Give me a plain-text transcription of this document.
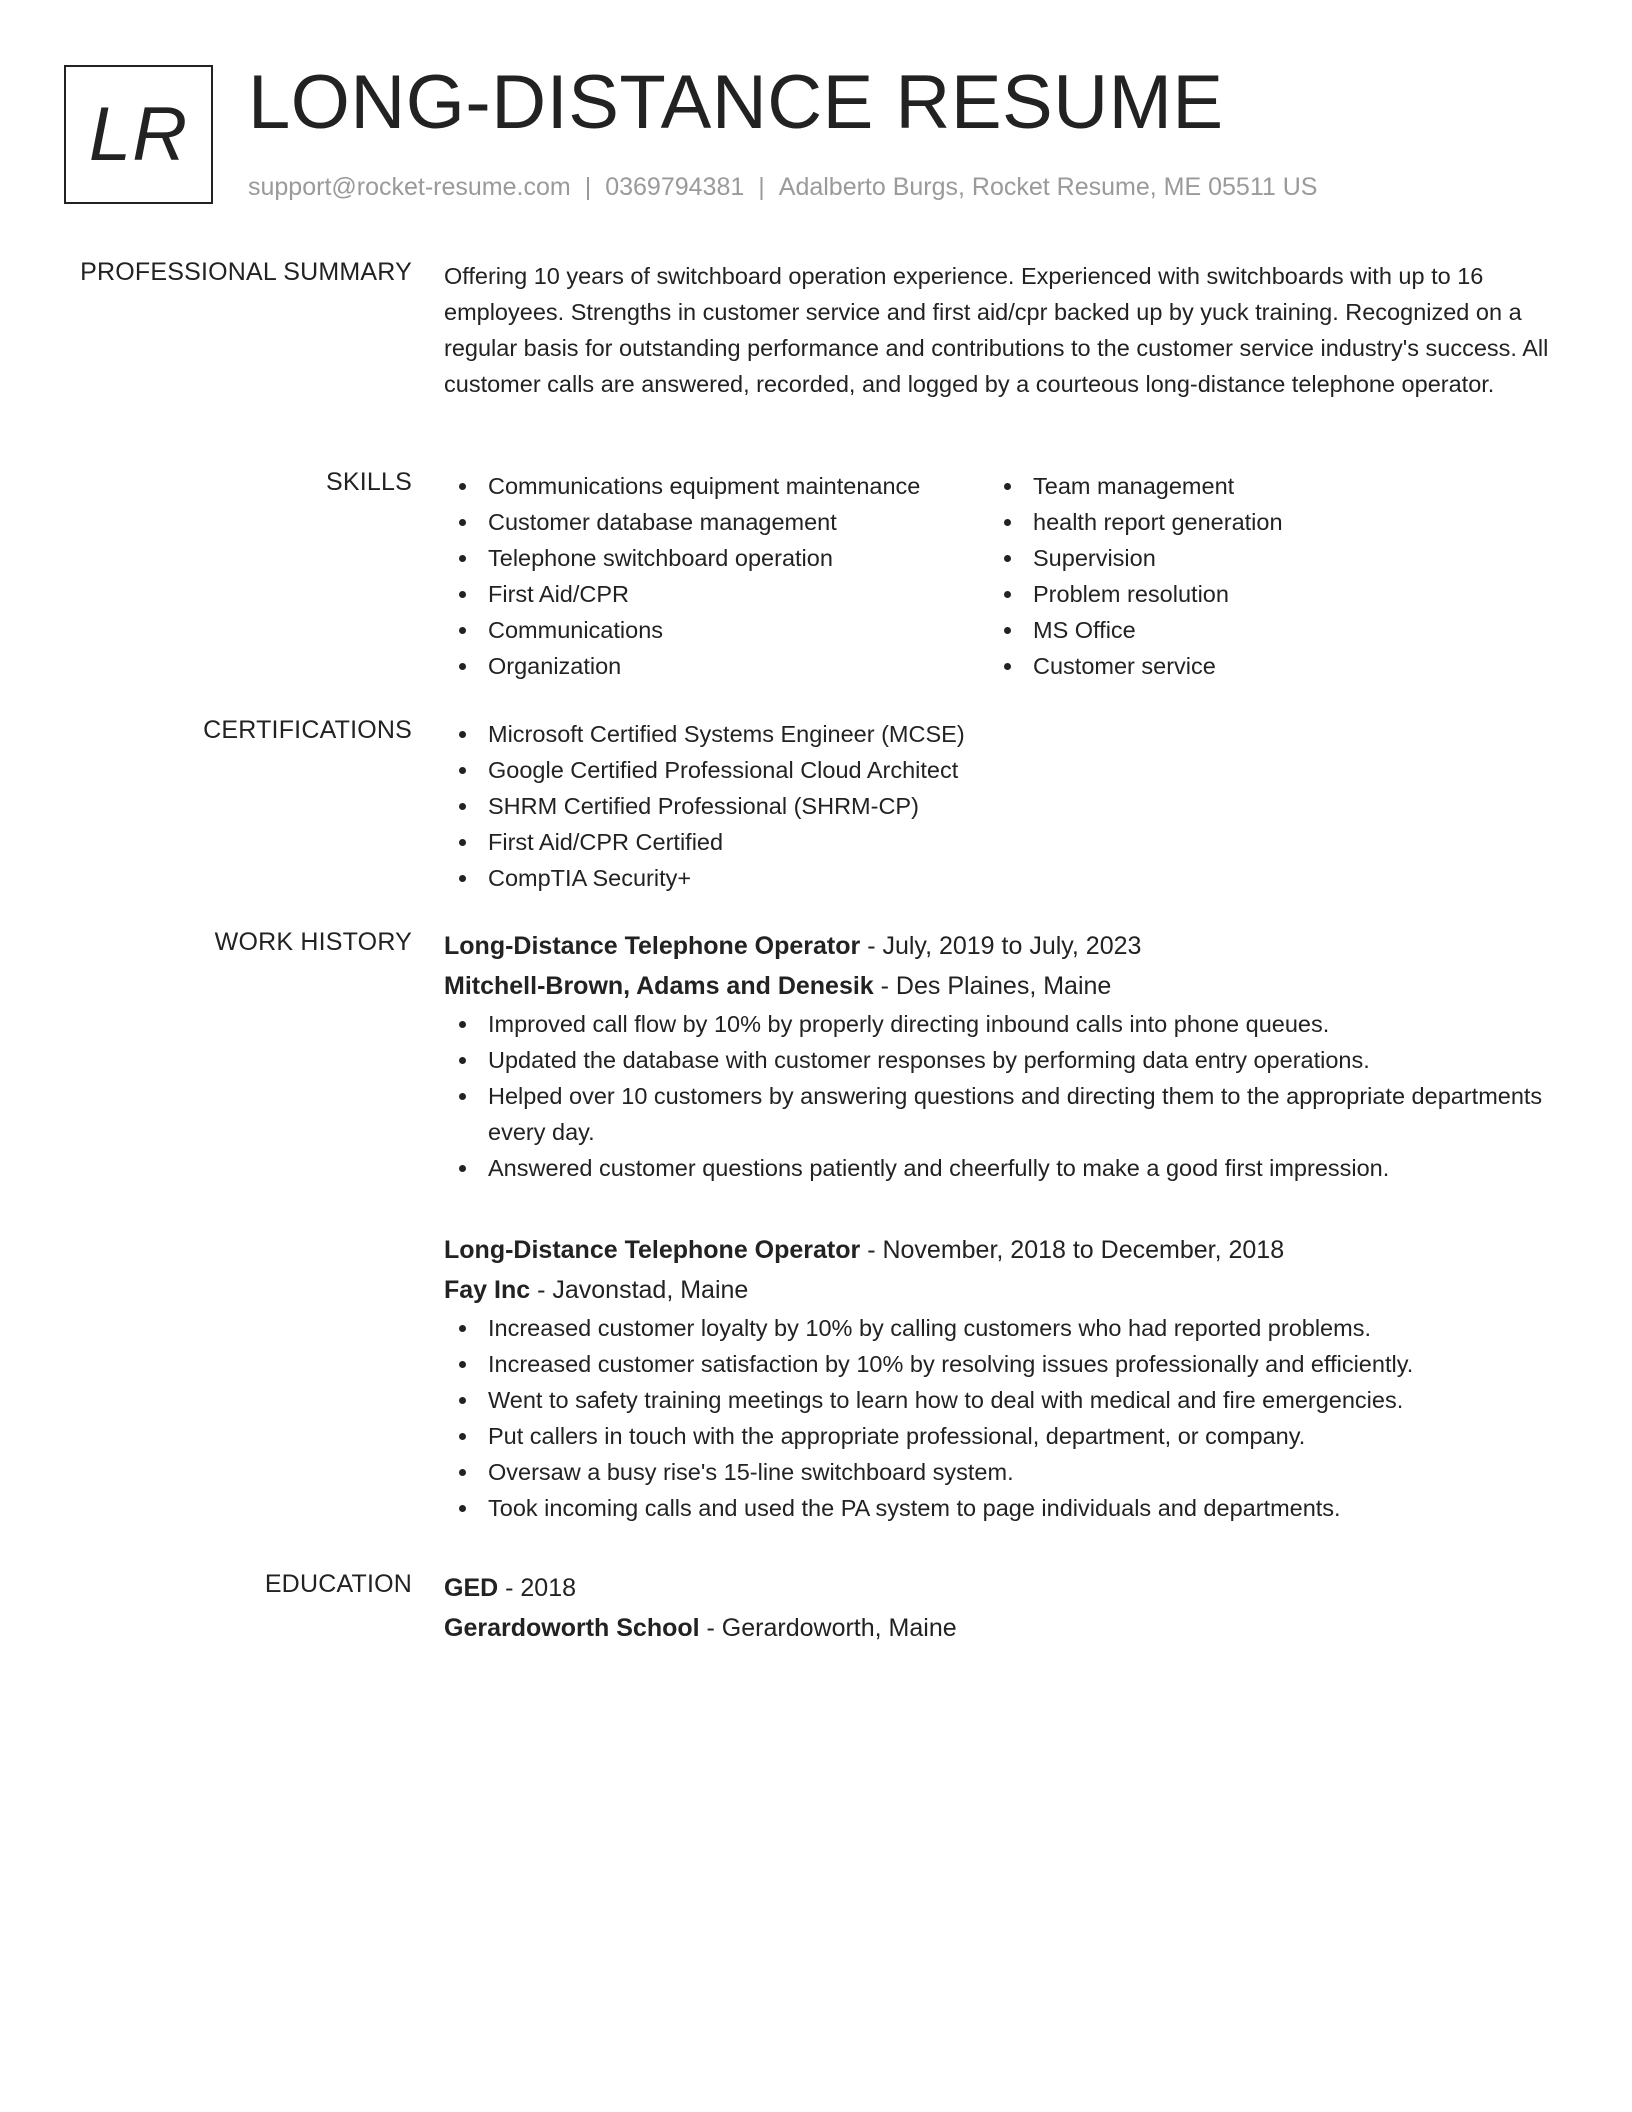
LR LONG-DISTANCE RESUME
support@rocket-resume.com | 0369794381 | Adalberto Burgs, Rocket Resume, ME 05511 US
PROFESSIONAL SUMMARY Offering 10 years of switchboard operation experience. Experienced with switchboards with up to 16 employees. Strengths in customer service and first aid/cpr backed up by yuck training. Recognized on a regular basis for outstanding performance and contributions to the customer service industry's success. All customer calls are answered, recorded, and logged by a courteous long-distance telephone operator.

SKILLS	Communications equipment maintenance
Customer database management
Telephone switchboard operation
First Aid/CPR
Communications
Organization
Team management
health report generation
Supervision
Problem resolution
MS Office
Customer service
CERTIFICATIONS	Microsoft Certified Systems Engineer (MCSE)
Google Certified Professional Cloud Architect
SHRM Certified Professional (SHRM-CP)
First Aid/CPR Certified
CompTIA Security+
WORK HISTORY Long-Distance Telephone Operator - July, 2019 to July, 2023
Mitchell-Brown, Adams and Denesik - Des Plaines, Maine
Improved call flow by 10% by properly directing inbound calls into phone queues.
Updated the database with customer responses by performing data entry operations.
Helped over 10 customers by answering questions and directing them to the appropriate departments every day.
Answered customer questions patiently and cheerfully to make a good first impression.
Long-Distance Telephone Operator - November, 2018 to December, 2018
Fay Inc - Javonstad, Maine
Increased customer loyalty by 10% by calling customers who had reported problems.
Increased customer satisfaction by 10% by resolving issues professionally and efficiently.
Went to safety training meetings to learn how to deal with medical and fire emergencies.
Put callers in touch with the appropriate professional, department, or company.
Oversaw a busy rise's 15-line switchboard system.
Took incoming calls and used the PA system to page individuals and departments.
EDUCATION GED - 2018
Gerardoworth School - Gerardoworth, Maine
